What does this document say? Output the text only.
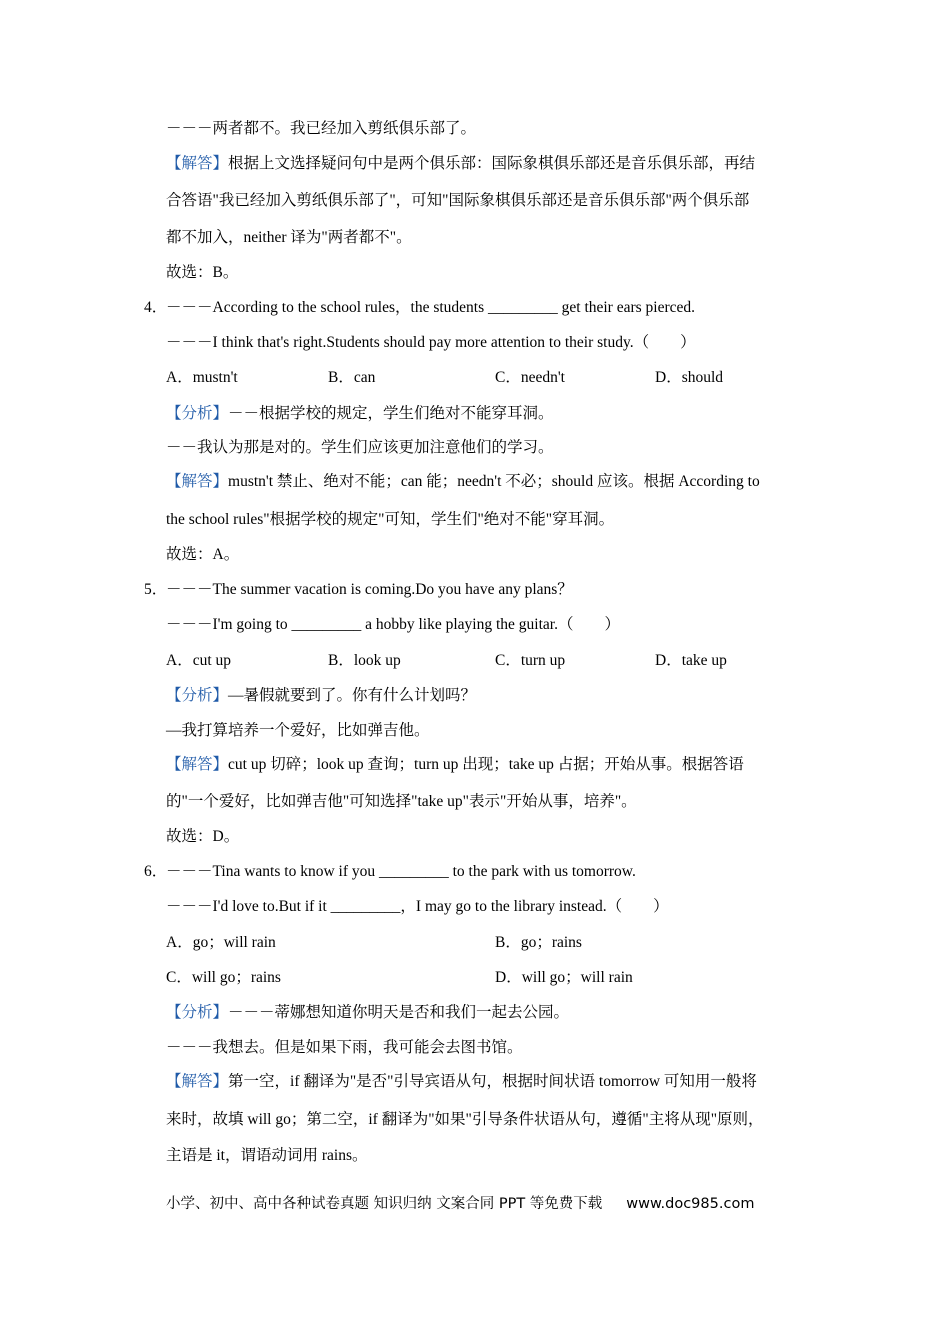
－－－两者都不。我已经加入剪纸俱乐部了。
【解答】根据上文选择疑问句中是两个俱乐部：国际象棋俱乐部还是音乐俱乐部，再结
合答语"我已经加入剪纸俱乐部了"，可知"国际象棋俱乐部还是音乐俱乐部"两个俱乐部
都不加入，neither 译为"两者都不"。
故选：B。
4．
－－－According to the school rules，the students _________ get their ears pierced.
－－－I think that's right.Students should pay more attention to their study.（　　）
A．mustn't	B．can	C．needn't	D．should
【分析】－－根据学校的规定，学生们绝对不能穿耳洞。
－－我认为那是对的。学生们应该更加注意他们的学习。
【解答】mustn't 禁止、绝对不能；can 能；needn't 不必；should 应该。根据 According to
the school rules"根据学校的规定"可知，学生们"绝对不能"穿耳洞。
故选：A。
5．
－－－The summer vacation is coming.Do you have any plans？
－－－I'm going to _________ a hobby like playing the guitar.（　　）
A．cut up	B．look up	C．turn up	D．take up
【分析】—暑假就要到了。你有什么计划吗？
—我打算培养一个爱好，比如弹吉他。
【解答】cut up 切碎；look up 查询；turn up 出现；take up 占据；开始从事。根据答语
的"一个爱好，比如弹吉他"可知选择"take up"表示"开始从事，培养"。
故选：D。
6．
－－－Tina wants to know if you _________ to the park with us tomorrow.
－－－I'd love to.But if it _________，I may go to the library instead.（　　）
A．go；will rain	B．go；rains
C．will go；rains	D．will go；will rain
【分析】－－－蒂娜想知道你明天是否和我们一起去公园。
－－－我想去。但是如果下雨，我可能会去图书馆。
【解答】第一空，if 翻译为"是否"引导宾语从句，根据时间状语 tomorrow 可知用一般将
来时，故填 will go；第二空，if 翻译为"如果"引导条件状语从句，遵循"主将从现"原则，
主语是 it，谓语动词用 rains。
小学、初中、高中各种试卷真题 知识归纳 文案合同 PPT 等免费下载 www.doc985.com
